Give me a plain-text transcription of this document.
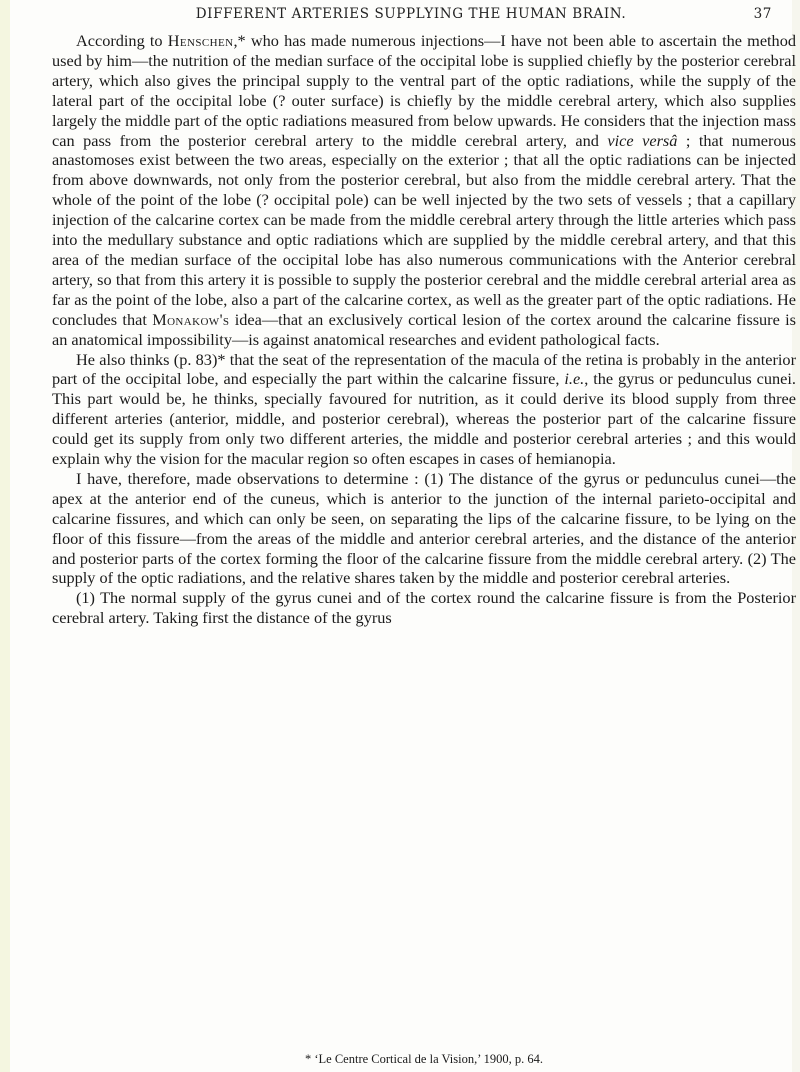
DIFFERENT ARTERIES SUPPLYING THE HUMAN BRAIN.	37

According to Henschen,* who has made numerous injections—I have not been able to ascertain the method used by him—the nutrition of the median surface of the occipital lobe is supplied chiefly by the posterior cerebral artery, which also gives the principal supply to the ventral part of the optic radiations, while the supply of the lateral part of the occipital lobe (? outer surface) is chiefly by the middle cerebral artery, which also supplies largely the middle part of the optic radiations measured from below upwards. He considers that the injection mass can pass from the posterior cerebral artery to the middle cerebral artery, and vice versâ ; that numerous anastomoses exist between the two areas, especially on the exterior ; that all the optic radiations can be injected from above downwards, not only from the posterior cerebral, but also from the middle cerebral artery. That the whole of the point of the lobe (? occipital pole) can be well injected by the two sets of vessels ; that a capillary injection of the calcarine cortex can be made from the middle cerebral artery through the little arteries which pass into the medullary substance and optic radiations which are supplied by the middle cerebral artery, and that this area of the median surface of the occipital lobe has also numerous communications with the Anterior cerebral artery, so that from this artery it is possible to supply the posterior cerebral and the middle cerebral arterial area as far as the point of the lobe, also a part of the calcarine cortex, as well as the greater part of the optic radiations. He concludes that Monakow's idea—that an exclusively cortical lesion of the cortex around the calcarine fissure is an anatomical impossibility—is against anatomical researches and evident pathological facts.

He also thinks (p. 83)* that the seat of the representation of the macula of the retina is probably in the anterior part of the occipital lobe, and especially the part within the calcarine fissure, i.e., the gyrus or pedunculus cunei. This part would be, he thinks, specially favoured for nutrition, as it could derive its blood supply from three different arteries (anterior, middle, and posterior cerebral), whereas the posterior part of the calcarine fissure could get its supply from only two different arteries, the middle and posterior cerebral arteries ; and this would explain why the vision for the macular region so often escapes in cases of hemianopia.

I have, therefore, made observations to determine : (1) The distance of the gyrus or pedunculus cunei—the apex at the anterior end of the cuneus, which is anterior to the junction of the internal parieto-occipital and calcarine fissures, and which can only be seen, on separating the lips of the calcarine fissure, to be lying on the floor of this fissure—from the areas of the middle and anterior cerebral arteries, and the distance of the anterior and posterior parts of the cortex forming the floor of the calcarine fissure from the middle cerebral artery. (2) The supply of the optic radiations, and the relative shares taken by the middle and posterior cerebral arteries.

(1) The normal supply of the gyrus cunei and of the cortex round the calcarine fissure is from the Posterior cerebral artery. Taking first the distance of the gyrus

* ‘Le Centre Cortical de la Vision,’ 1900, p. 64.
